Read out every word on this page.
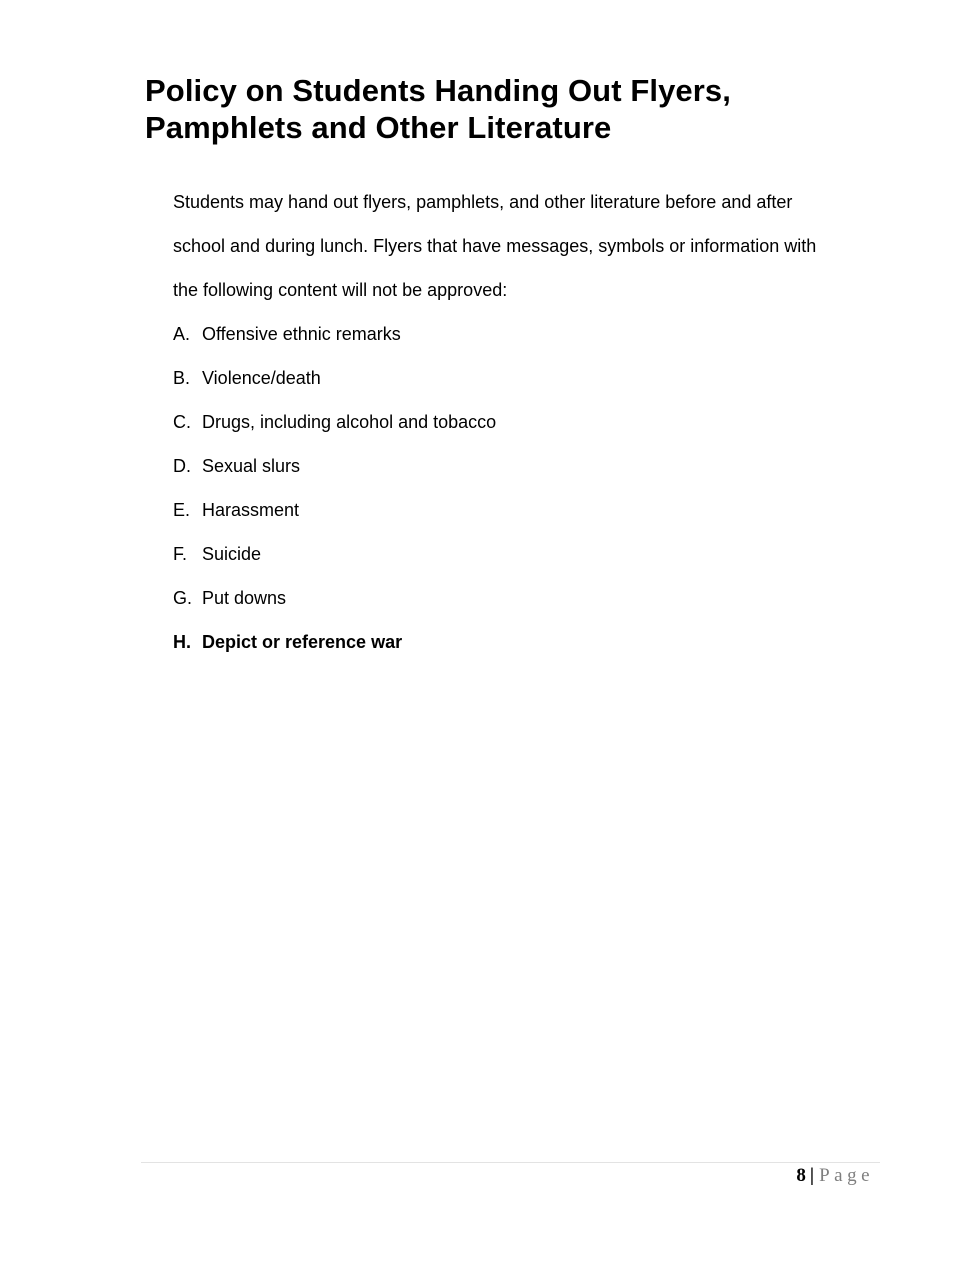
Policy on Students Handing Out Flyers,
Pamphlets and Other Literature

Students may hand out flyers, pamphlets, and other literature before and after
school and during lunch. Flyers that have messages, symbols or information with
the following content will not be approved:

A. Offensive ethnic remarks
B. Violence/death
C. Drugs, including alcohol and tobacco
D. Sexual slurs
E. Harassment
F. Suicide
G. Put downs
H. Depict or reference war
8 | Page
